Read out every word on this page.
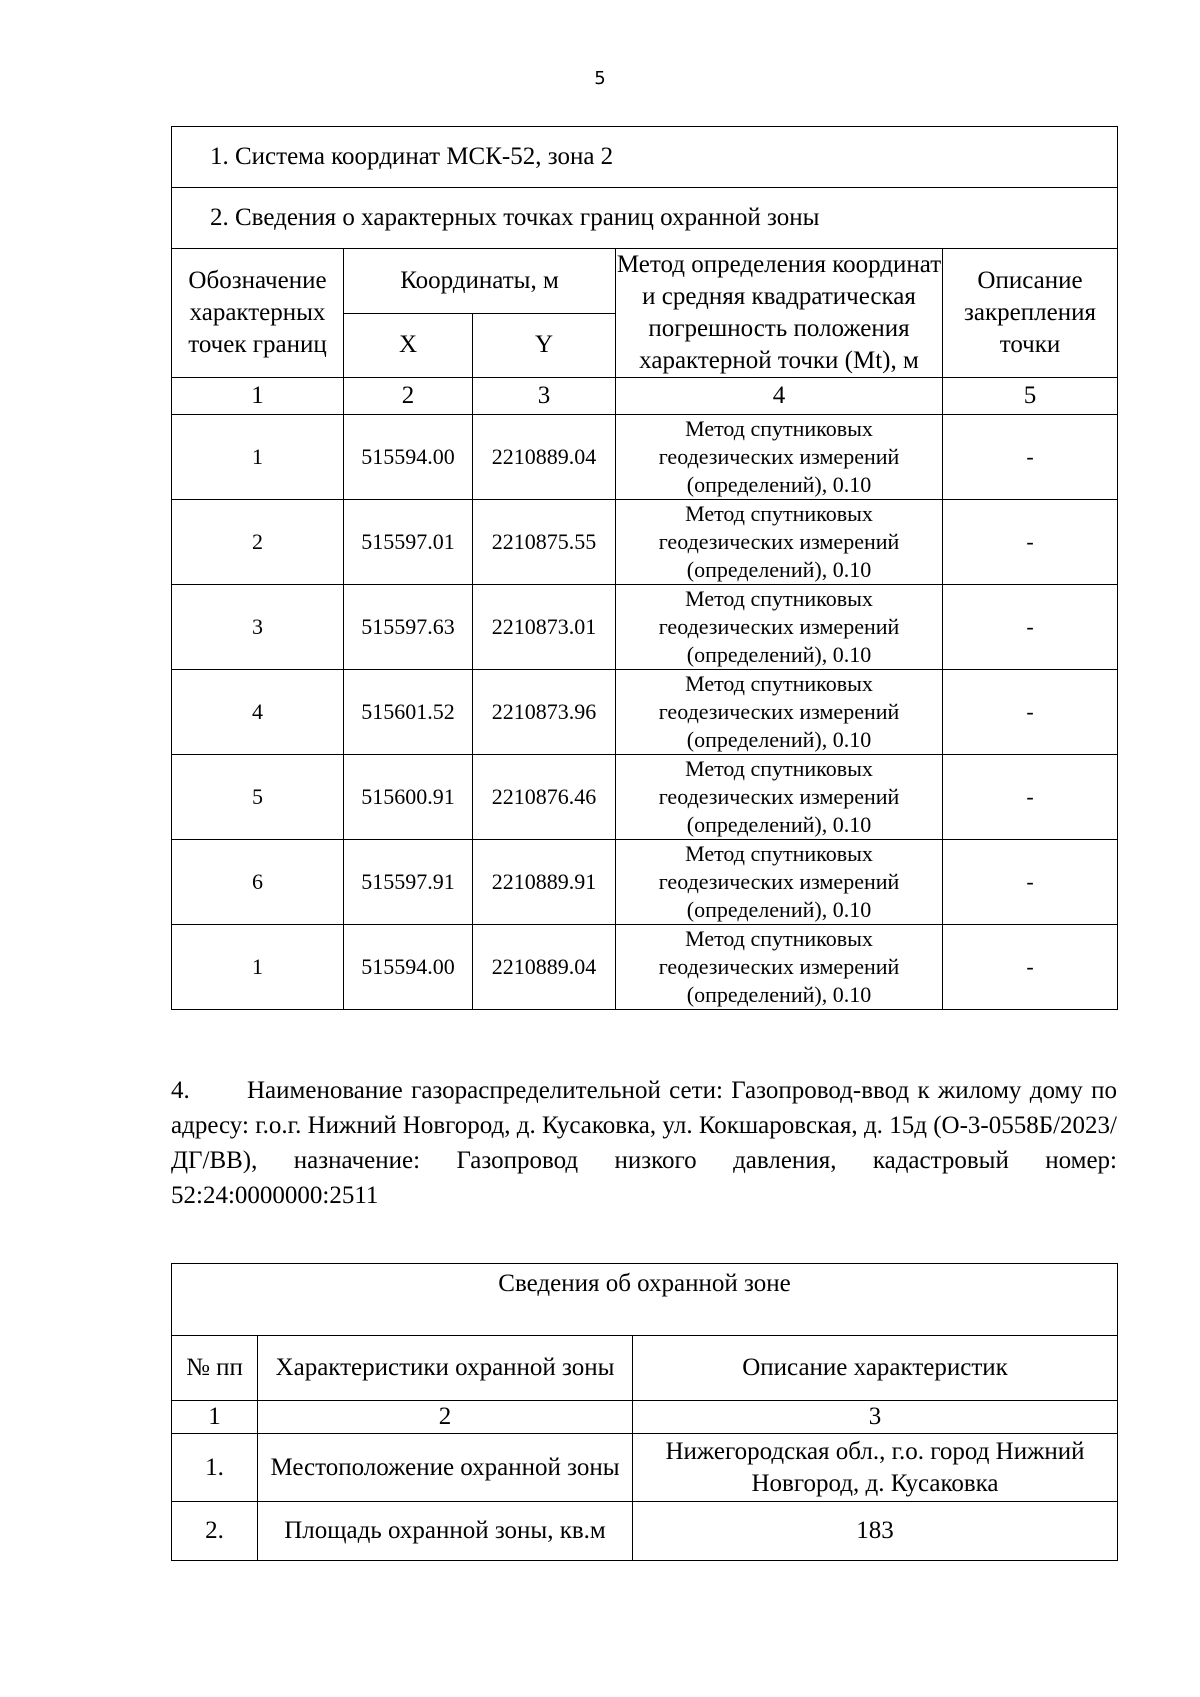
5
1. Система координат МСК-52, зона 2				
2. Сведения о характерных точках границ охранной зоны				
Обозначение характерных точек границ	Координаты, м		Метод определения координат и средняя квадратическая погрешность положения характерной точки (Mt), м	Описание закрепления точки
	X	Y		
1	2	3	4	5
1	515594.00	2210889.04	Метод спутниковых
геодезических измерений
(определений), 0.10	-
2	515597.01	2210875.55	Метод спутниковых
геодезических измерений
(определений), 0.10	-
3	515597.63	2210873.01	Метод спутниковых
геодезических измерений
(определений), 0.10	-
4	515601.52	2210873.96	Метод спутниковых
геодезических измерений
(определений), 0.10	-
5	515600.91	2210876.46	Метод спутниковых
геодезических измерений
(определений), 0.10	-
6	515597.91	2210889.91	Метод спутниковых
геодезических измерений
(определений), 0.10	-
1	515594.00	2210889.04	Метод спутниковых
геодезических измерений
(определений), 0.10	-
4. Наименование газораспределительной сети: Газопровод-ввод к жилому дому по адресу: г.о.г. Нижний Новгород, д. Кусаковка, ул. Кокшаровская, д. 15д (О-3-0558Б/2023/ДГ/ВВ), назначение: Газопровод низкого давления, кадастровый номер: 52:24:0000000:2511
Сведения об охранной зоне		
№ пп	Характеристики охранной зоны	Описание характеристик
1	2	3
1.	Местоположение охранной зоны	Нижегородская обл., г.о. город Нижний Новгород, д. Кусаковка
2.	Площадь охранной зоны, кв.м	183
